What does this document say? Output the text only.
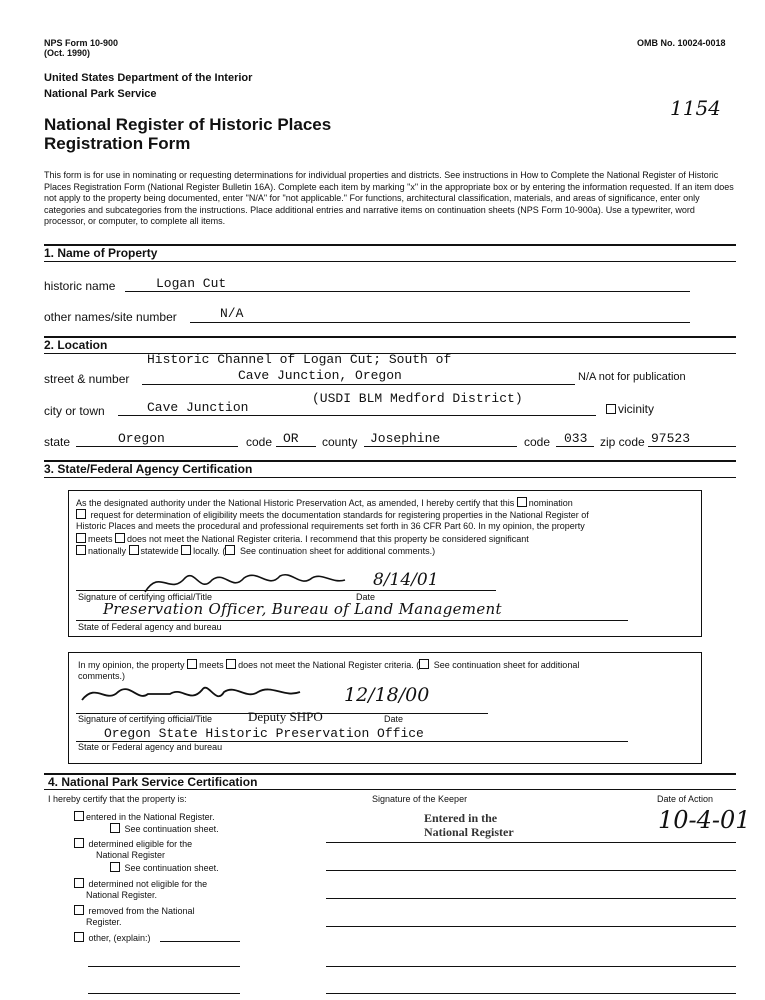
NPS Form 10-900
(Oct. 1990)
OMB No. 10024-0018
United States Department of the Interior
National Park Service
National Register of Historic Places
Registration Form
1154
This form is for use in nominating or requesting determinations for individual properties and districts. See instructions in How to Complete the National Register of Historic Places Registration Form (National Register Bulletin 16A). Complete each item by marking "x" in the appropriate box or by entering the information requested. If an item does not apply to the property being documented, enter "N/A" for "not applicable." For functions, architectural classification, materials, and areas of significance, enter only categories and subcategories from the instructions. Place additional entries and narrative items on continuation sheets (NPS Form 10-900a). Use a typewriter, word processor, or computer, to complete all items.
1. Name of Property
historic name	Logan Cut
other names/site number	N/A
2. Location
Historic Channel of Logan Cut; South of
street & number	Cave Junction, Oregon	N/A not for publication
city or town	Cave Junction
(USDI BLM Medford District)
vicinity
state	Oregon	code OR county Josephine	code 033 zip code 97523
3. State/Federal Agency Certification
As the designated authority under the National Historic Preservation Act, as amended, I hereby certify that this nomination
request for determination of eligibility meets the documentation standards for registering properties in the National Register of
Historic Places and meets the procedural and professional requirements set forth in 36 CFR Part 60. In my opinion, the property
meets does not meet the National Register criteria. I recommend that this property be considered significant
nationally statewide locally. ( See continuation sheet for additional comments.)
8/14/01
Signature of certifying official/Title	Date
Preservation Officer, Bureau of Land Management
State of Federal agency and bureau
In my opinion, the property meets does not meet the National Register criteria. ( See continuation sheet for additional
comments.)
Deputy SHPO
12/18/00
Signature of certifying official/Title	Date
Oregon State Historic Preservation Office
State or Federal agency and bureau
4. National Park Service Certification
I hereby certify that the property is:	Signature of the Keeper	Date of Action
entered in the National Register.
See continuation sheet.
determined eligible for the
National Register
See continuation sheet.
determined not eligible for the
National Register.
removed from the National
Register.
other, (explain:)
Entered in the
National Register	10-4-01
